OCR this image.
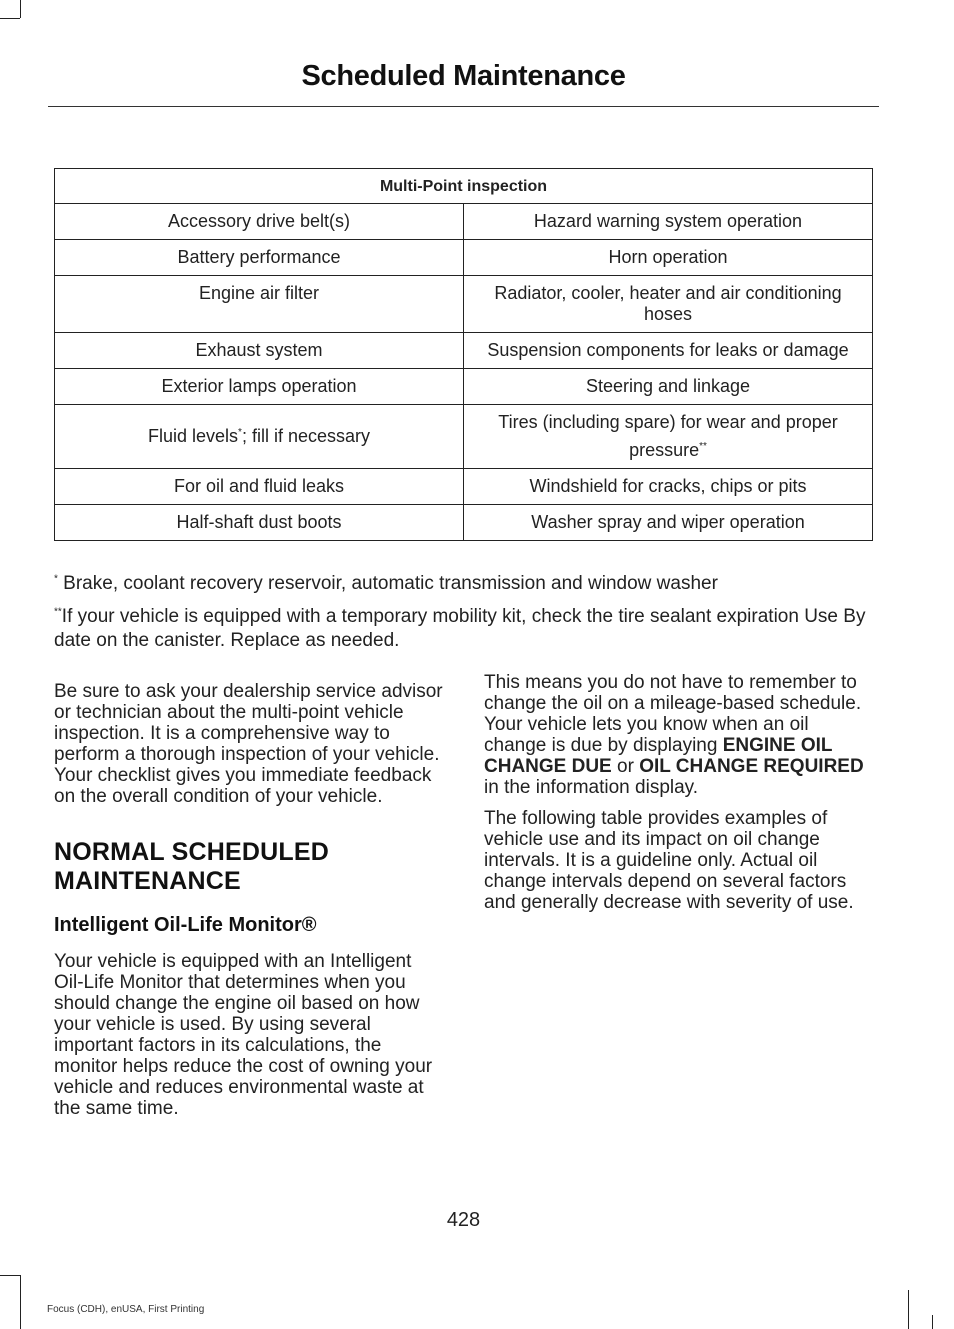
Scheduled Maintenance
Multi-Point inspection	
Accessory drive belt(s)	Hazard warning system operation
Battery performance	Horn operation
Engine air filter	Radiator, cooler, heater and air conditioning hoses
Exhaust system	Suspension components for leaks or damage
Exterior lamps operation	Steering and linkage
Fluid levels*; fill if necessary	Tires (including spare) for wear and proper pressure**
For oil and fluid leaks	Windshield for cracks, chips or pits
Half-shaft dust boots	Washer spray and wiper operation
* Brake, coolant recovery reservoir, automatic transmission and window washer
**If your vehicle is equipped with a temporary mobility kit, check the tire sealant expiration Use By date on the canister. Replace as needed.

Be sure to ask your dealership service advisor or technician about the multi-point vehicle inspection. It is a comprehensive way to perform a thorough inspection of your vehicle. Your checklist gives you immediate feedback on the overall condition of your vehicle.

NORMAL SCHEDULED MAINTENANCE
Intelligent Oil-Life Monitor®

Your vehicle is equipped with an Intelligent Oil-Life Monitor that determines when you should change the engine oil based on how your vehicle is used. By using several important factors in its calculations, the monitor helps reduce the cost of owning your vehicle and reduces environmental waste at the same time.

This means you do not have to remember to change the oil on a mileage-based schedule. Your vehicle lets you know when an oil change is due by displaying ENGINE OIL CHANGE DUE or OIL CHANGE REQUIRED in the information display.

The following table provides examples of vehicle use and its impact on oil change intervals. It is a guideline only. Actual oil change intervals depend on several factors and generally decrease with severity of use.

428
Focus (CDH), enUSA, First Printing
